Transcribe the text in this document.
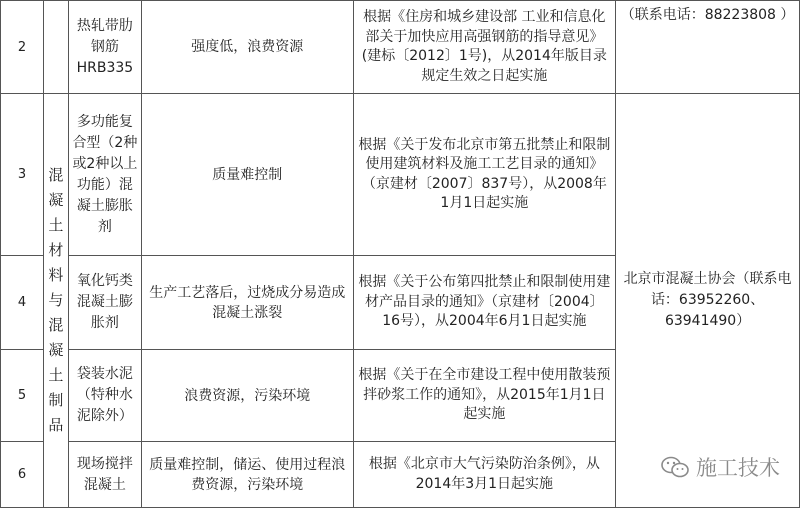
2		热轧带肋钢筋HRB335	强度低，浪费资源	根据《住房和城乡建设部 工业和信息化部关于加快应用高强钢筋的指导意见》(建标〔2012〕1号)，从2014年版目录规定生效之日起实施	（联系电话：88223808 ）
3	混凝土材料与混凝土制品	多功能复合型（2种或2种以上功能）混凝土膨胀剂	质量难控制	根据《关于发布北京市第五批禁止和限制使用建筑材料及施工工艺目录的通知》（京建材〔2007〕837号），从2008年1月1日起实施	北京市混凝土协会（联系电话：63952260、63941490）
4		氧化钙类混凝土膨胀剂	生产工艺落后，过烧成分易造成混凝土涨裂	根据《关于公布第四批禁止和限制使用建材产品目录的通知》（京建材〔2004〕16号），从2004年6月1日起实施	
5		袋装水泥（特种水泥除外）	浪费资源，污染环境	根据《关于在全市建设工程中使用散装预拌砂浆工作的通知》，从2015年1月1日起实施	
6		现场搅拌混凝土	质量难控制，储运、使用过程浪费资源，污染环境	根据《北京市大气污染防治条例》，从2014年3月1日起实施	
施工技术
